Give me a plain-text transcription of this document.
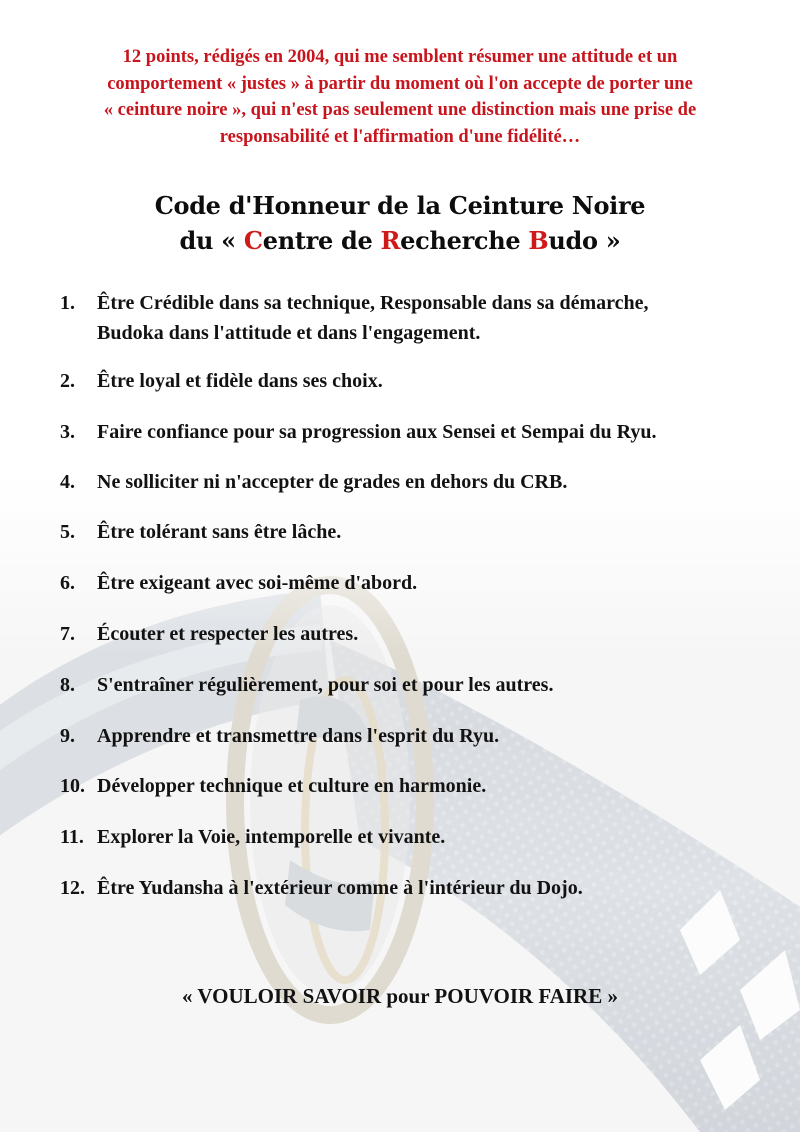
12 points, rédigés en 2004, qui me semblent résumer une attitude et un
comportement « justes » à partir du moment où l'on accepte de porter une
« ceinture noire », qui n'est pas seulement une distinction mais une prise de
responsabilité et l'affirmation d'une fidélité…
Code d'Honneur de la Ceinture Noire
du « Centre de Recherche Budo »
1.	Être Crédible dans sa technique, Responsable dans sa démarche,
Budoka dans l'attitude et dans l'engagement.
2.	Être loyal et fidèle dans ses choix.
3.	Faire confiance pour sa progression aux Sensei et Sempai du Ryu.
4.	Ne solliciter ni n'accepter de grades en dehors du CRB.
5.	Être tolérant sans être lâche.
6.	Être exigeant avec soi-même d'abord.
7.	Écouter et respecter les autres.
8.	S'entraîner régulièrement, pour soi et pour les autres.
9.	Apprendre et transmettre dans l'esprit du Ryu.
10. Développer technique et culture en harmonie.
11. Explorer la Voie, intemporelle et vivante.
12. Être Yudansha à l'extérieur comme à l'intérieur du Dojo.
« VOULOIR SAVOIR pour POUVOIR FAIRE »
